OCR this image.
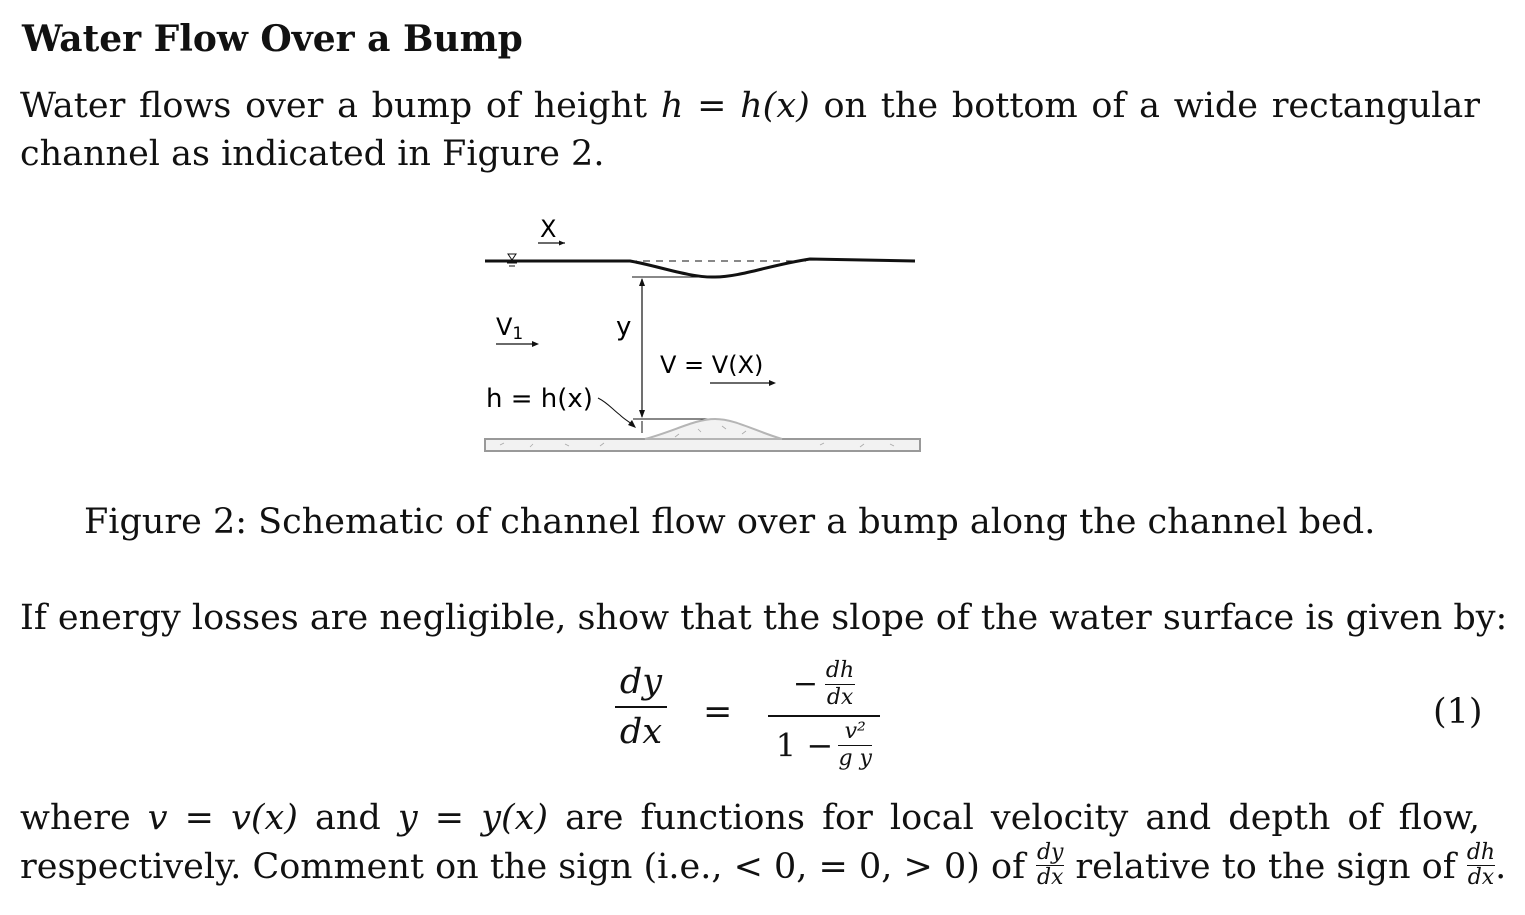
Water Flow Over a Bump
Water flows over a bump of height h = h(x) on the bottom of a wide rectangular
channel as indicated in Figure 2.
X
V1	y
V = V(X)
h = h(x)
Figure 2: Schematic of channel flow over a bump along the channel bed.
If energy losses are negligible, show that the slope of the water surface is given by:
$\frac{dy}{dx}$ =
− $\frac{dh}{dx}$
$1 - \frac{\text{v²}}{\text{g y}}$
(1)
where v = v(x) and y = y(x) are functions for local velocity and depth of flow,
respectively. Comment on the sign (i.e., < 0, = 0, > 0) of $\frac{dy}{dx}$ relative to the sign of $\frac{dh}{dx}$ .
